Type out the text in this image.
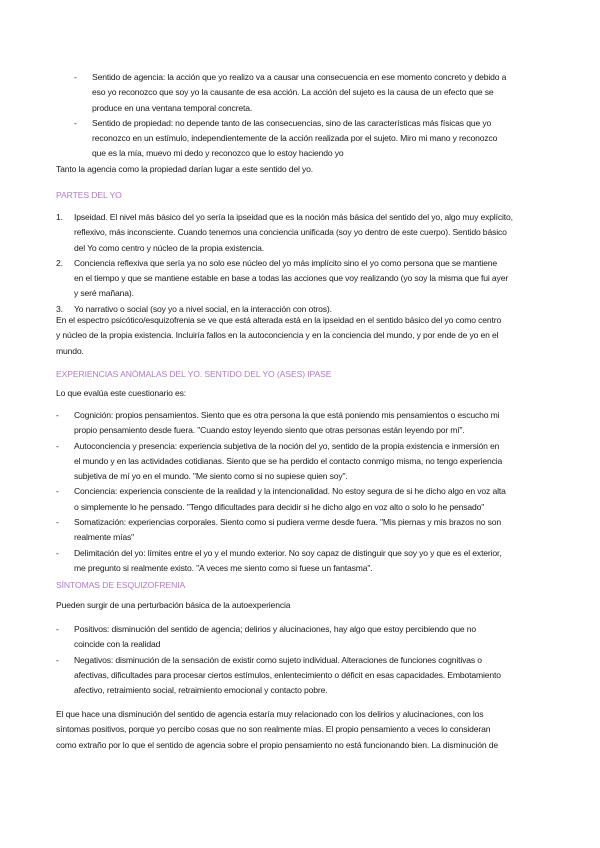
- Sentido de agencia: la acción que yo realizo va a causar una consecuencia en ese momento concreto y debido a
eso yo reconozco que soy yo la causante de esa acción. La acción del sujeto es la causa de un efecto que se
produce en una ventana temporal concreta.
- Sentido de propiedad: no depende tanto de las consecuencias, sino de las características más físicas que yo
reconozco en un estímulo, independientemente de la acción realizada por el sujeto. Miro mi mano y reconozco
que es la mía, muevo mi dedo y reconozco que lo estoy haciendo yo

Tanto la agencia como la propiedad darían lugar a este sentido del yo.

PARTES DEL YO

1. Ipseidad. El nivel más básico del yo sería la ipseidad que es la noción más básica del sentido del yo, algo muy explícito,
reflexivo, más inconsciente. Cuando tenemos una conciencia unificada (soy yo dentro de este cuerpo). Sentido básico
del Yo como centro y núcleo de la propia existencia.
2. Conciencia reflexiva que sería ya no solo ese núcleo del yo más implícito sino el yo como persona que se mantiene
en el tiempo y que se mantiene estable en base a todas las acciones que voy realizando (yo soy la misma que fui ayer
y seré mañana).
3. Yo narrativo o social (soy yo a nivel social, en la interacción con otros).

En el espectro psicótico/esquizofrenia se ve que está alterada está en la ipseidad en el sentido básico del yo como centro
y núcleo de la propia existencia. Incluiría fallos en la autoconciencia y en la conciencia del mundo, y por ende de yo en el
mundo.

EXPERIENCIAS ANÓMALAS DEL YO. SENTIDO DEL YO (ASES) IPASE

Lo que evalúa este cuestionario es:

- Cognición: propios pensamientos. Siento que es otra persona la que está poniendo mis pensamientos o escucho mi
propio pensamiento desde fuera. "Cuando estoy leyendo siento que otras personas están leyendo por mí".
- Autoconciencia y presencia: experiencia subjetiva de la noción del yo, sentido de la propia existencia e inmersión en
el mundo y en las actividades cotidianas. Siento que se ha perdido el contacto conmigo misma, no tengo experiencia
subjetiva de mí yo en el mundo. "Me siento como si no supiese quien soy".
- Conciencia: experiencia consciente de la realidad y la intencionalidad. No estoy segura de si he dicho algo en voz alta
o simplemente lo he pensado. "Tengo dificultades para decidir si he dicho algo en voz alto o solo lo he pensado"
- Somatización: experiencias corporales. Siento como si pudiera verme desde fuera. "Mis piernas y mis brazos no son
realmente mías"
- Delimitación del yo: límites entre el yo y el mundo exterior. No soy capaz de distinguir que soy yo y que es el exterior,
me pregunto si realmente existo. "A veces me siento como si fuese un fantasma".

SÍNTOMAS DE ESQUIZOFRENIA

Pueden surgir de una perturbación básica de la autoexperiencia

- Positivos: disminución del sentido de agencia; delirios y alucinaciones, hay algo que estoy percibiendo que no
coincide con la realidad
- Negativos: disminución de la sensación de existir como sujeto individual. Alteraciones de funciones cognitivas o
afectivas, dificultades para procesar ciertos estímulos, enlentecimiento o déficit en esas capacidades. Embotamiento
afectivo, retraimiento social, retraimiento emocional y contacto pobre.

El que hace una disminución del sentido de agencia estaría muy relacionado con los delirios y alucinaciones, con los
síntomas positivos, porque yo percibo cosas que no son realmente mías. El propio pensamiento a veces lo consideran
como extraño por lo que el sentido de agencia sobre el propio pensamiento no está funcionando bien. La disminución de
